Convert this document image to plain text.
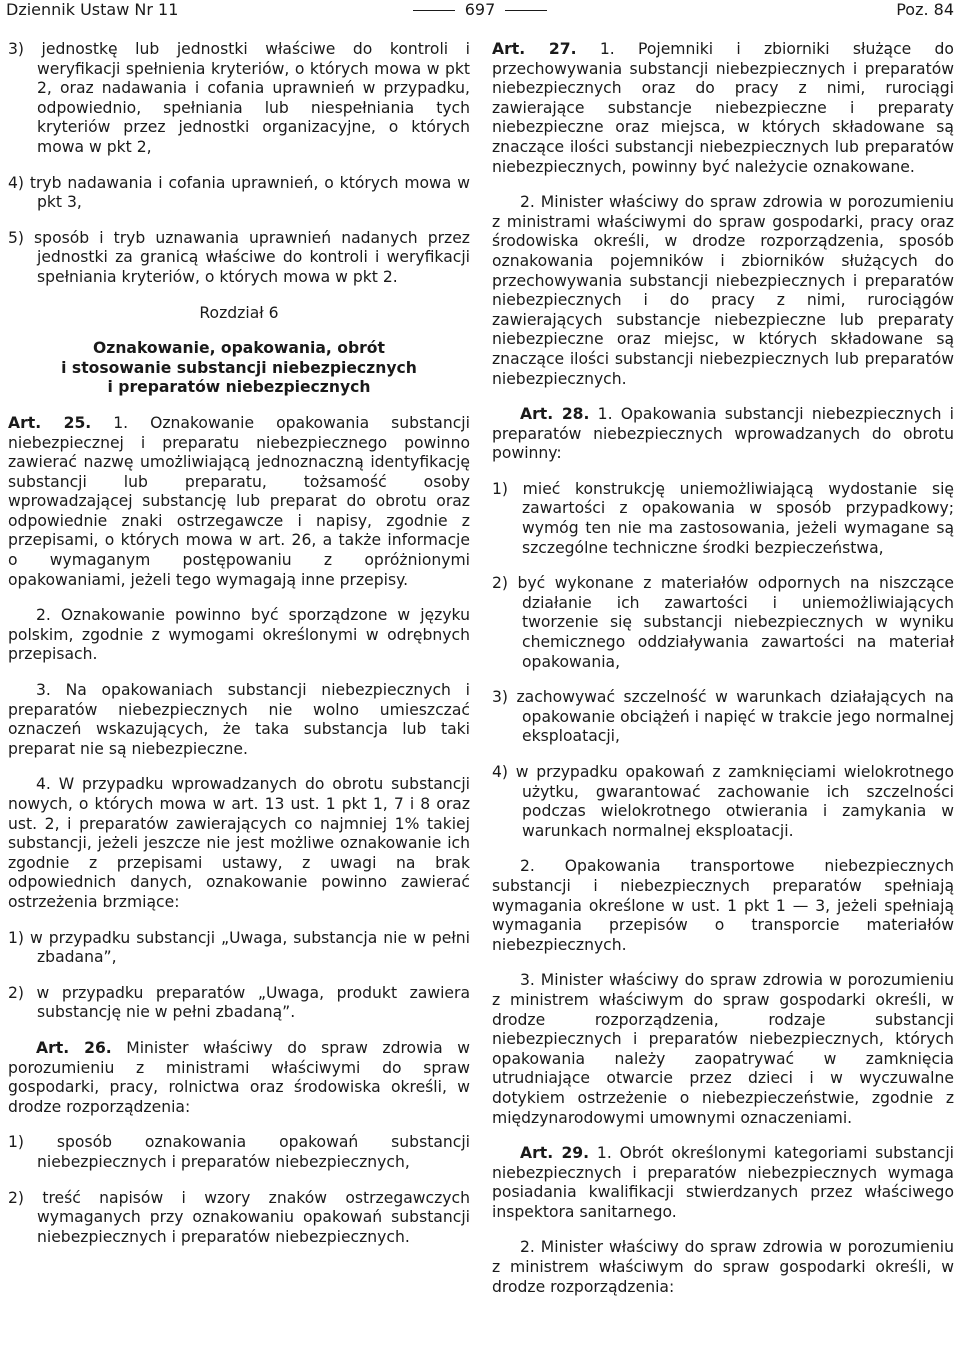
Dziennik Ustaw Nr 11	697	Poz. 84

3) jednostkę lub jednostki właściwe do kontroli i weryfikacji spełnienia kryteriów, o których mowa w pkt 2, oraz nadawania i cofania uprawnień w przypadku, odpowiednio, spełniania lub niespełniania tych kryteriów przez jednostki organizacyjne, o których mowa w pkt 2,

4) tryb nadawania i cofania uprawnień, o których mowa w pkt 3,

5) sposób i tryb uznawania uprawnień nadanych przez jednostki za granicą właściwe do kontroli i weryfikacji spełniania kryteriów, o których mowa w pkt 2.

Rozdział 6

Oznakowanie, opakowania, obrót

i stosowanie substancji niebezpiecznych

i preparatów niebezpiecznych

Art. 25. 1. Oznakowanie opakowania substancji niebezpiecznej i preparatu niebezpiecznego powinno zawierać nazwę umożliwiającą jednoznaczną identyfikację substancji lub preparatu, tożsamość osoby wprowadzającej substancję lub preparat do obrotu oraz odpowiednie znaki ostrzegawcze i napisy, zgodnie z przepisami, o których mowa w art. 26, a także informacje o wymaganym postępowaniu z opróżnionymi opakowaniami, jeżeli tego wymagają inne przepisy.

2. Oznakowanie powinno być sporządzone w języku polskim, zgodnie z wymogami określonymi w odrębnych przepisach.

3. Na opakowaniach substancji niebezpiecznych i preparatów niebezpiecznych nie wolno umieszczać oznaczeń wskazujących, że taka substancja lub taki preparat nie są niebezpieczne.

4. W przypadku wprowadzanych do obrotu substancji nowych, o których mowa w art. 13 ust. 1 pkt 1, 7 i 8 oraz ust. 2, i preparatów zawierających co najmniej 1% takiej substancji, jeżeli jeszcze nie jest możliwe oznakowanie ich zgodnie z przepisami ustawy, z uwagi na brak odpowiednich danych, oznakowanie powinno zawierać ostrzeżenia brzmiące:

1) w przypadku substancji „Uwaga, substancja nie w pełni zbadana”,

2) w przypadku preparatów „Uwaga, produkt zawiera substancję nie w pełni zbadaną”.

Art. 26. Minister właściwy do spraw zdrowia w porozumieniu z ministrami właściwymi do spraw gospodarki, pracy, rolnictwa oraz środowiska określi, w drodze rozporządzenia:

1) sposób oznakowania opakowań substancji niebezpiecznych i preparatów niebezpiecznych,

2) treść napisów i wzory znaków ostrzegawczych wymaganych przy oznakowaniu opakowań substancji niebezpiecznych i preparatów niebezpiecznych.

Art. 27. 1. Pojemniki i zbiorniki służące do przechowywania substancji niebezpiecznych i preparatów niebezpiecznych oraz do pracy z nimi, rurociągi zawierające substancje niebezpieczne i preparaty niebezpieczne oraz miejsca, w których składowane są znaczące ilości substancji niebezpiecznych lub preparatów niebezpiecznych, powinny być należycie oznakowane.

2. Minister właściwy do spraw zdrowia w porozumieniu z ministrami właściwymi do spraw gospodarki, pracy oraz środowiska określi, w drodze rozporządzenia, sposób oznakowania pojemników i zbiorników służących do przechowywania substancji niebezpiecznych i preparatów niebezpiecznych i do pracy z nimi, rurociągów zawierających substancje niebezpieczne lub preparaty niebezpieczne oraz miejsc, w których składowane są znaczące ilości substancji niebezpiecznych lub preparatów niebezpiecznych.

Art. 28. 1. Opakowania substancji niebezpiecznych i preparatów niebezpiecznych wprowadzanych do obrotu powinny:

1) mieć konstrukcję uniemożliwiającą wydostanie się zawartości z opakowania w sposób przypadkowy; wymóg ten nie ma zastosowania, jeżeli wymagane są szczególne techniczne środki bezpieczeństwa,

2) być wykonane z materiałów odpornych na niszczące działanie ich zawartości i uniemożliwiających tworzenie się substancji niebezpiecznych w wyniku chemicznego oddziaływania zawartości na materiał opakowania,

3) zachowywać szczelność w warunkach działających na opakowanie obciążeń i napięć w trakcie jego normalnej eksploatacji,

4) w przypadku opakowań z zamknięciami wielokrotnego użytku, gwarantować zachowanie ich szczelności podczas wielokrotnego otwierania i zamykania w warunkach normalnej eksploatacji.

2. Opakowania transportowe niebezpiecznych substancji i niebezpiecznych preparatów spełniają wymagania określone w ust. 1 pkt 1 — 3, jeżeli spełniają wymagania przepisów o transporcie materiałów niebezpiecznych.

3. Minister właściwy do spraw zdrowia w porozumieniu z ministrem właściwym do spraw gospodarki określi, w drodze rozporządzenia, rodzaje substancji niebezpiecznych i preparatów niebezpiecznych, których opakowania należy zaopatrywać w zamknięcia utrudniające otwarcie przez dzieci i w wyczuwalne dotykiem ostrzeżenie o niebezpieczeństwie, zgodnie z międzynarodowymi umownymi oznaczeniami.

Art. 29. 1. Obrót określonymi kategoriami substancji niebezpiecznych i preparatów niebezpiecznych wymaga posiadania kwalifikacji stwierdzanych przez właściwego inspektora sanitarnego.

2. Minister właściwy do spraw zdrowia w porozumieniu z ministrem właściwym do spraw gospodarki określi, w drodze rozporządzenia:
